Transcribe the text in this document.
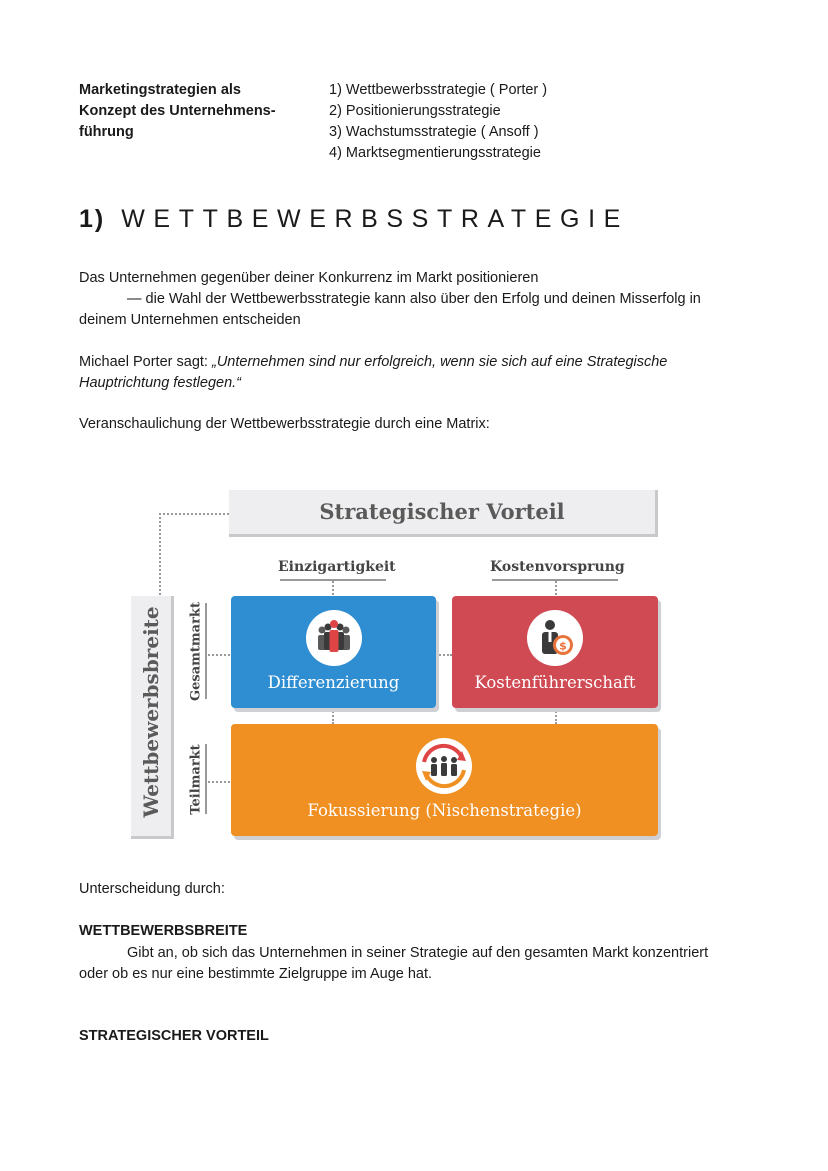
Marketingstrategien als
Konzept des Unternehmens-
führung
1) Wettbewerbsstrategie ( Porter )
2) Positionierungsstrategie
3) Wachstumsstrategie ( Ansoff )
4) Marktsegmentierungsstrategie
1) WETTBEWERBSSTRATEGIE
Das Unternehmen gegenüber deiner Konkurrenz im Markt positionieren
— die Wahl der Wettbewerbsstrategie kann also über den Erfolg und deinen Misserfolg in
deinem Unternehmen entscheiden
Michael Porter sagt: „Unternehmen sind nur erfolgreich, wenn sie sich auf eine Strategische
Hauptrichtung festlegen.“
Veranschaulichung der Wettbewerbsstrategie durch eine Matrix:
Strategischer Vorteil
Einzigartigkeit	Kostenvorsprung
Wettbewerbsbreite Gesamtmarkt
Teilmarkt
Differenzierung
$
Kostenführerschaft
Fokussierung (Nischenstrategie)
Unterscheidung durch:
WETTBEWERBSBREITE
Gibt an, ob sich das Unternehmen in seiner Strategie auf den gesamten Markt konzentriert
oder ob es nur eine bestimmte Zielgruppe im Auge hat.
STRATEGISCHER VORTEIL
